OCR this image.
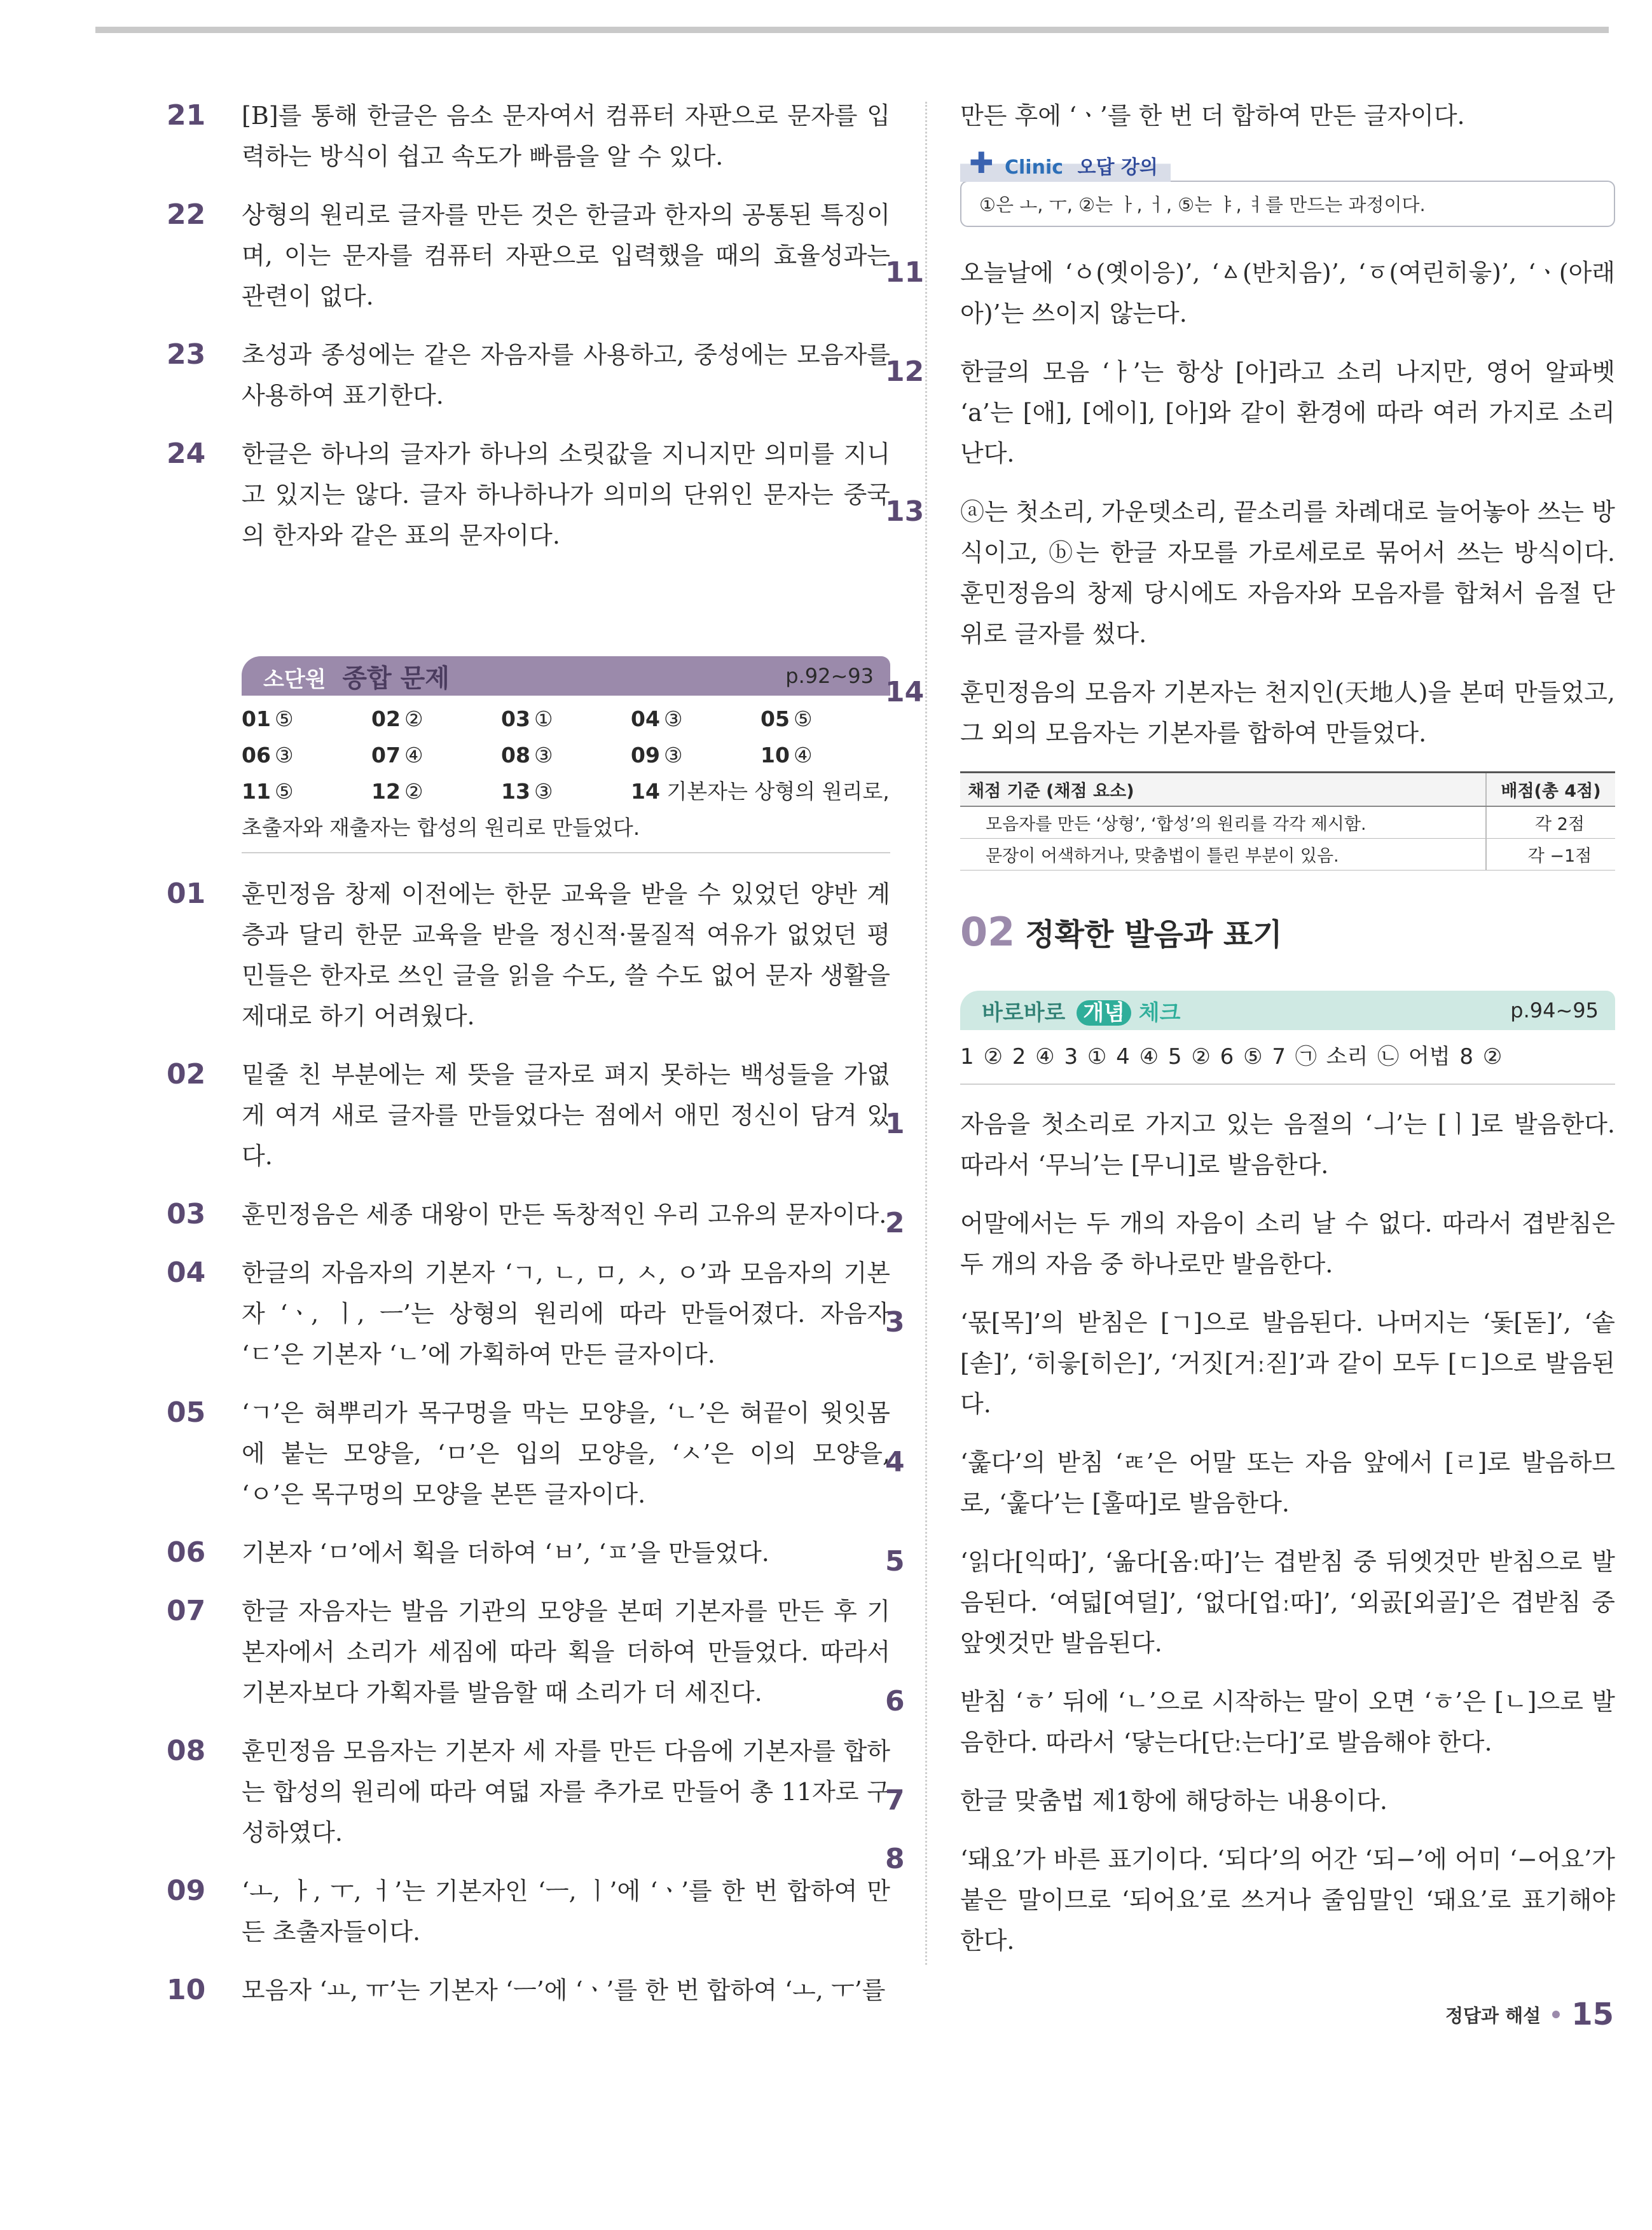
21	[B]를 통해 한글은 음소 문자여서 컴퓨터 자판으로 문자를 입력하는 방식이 쉽고 속도가 빠름을 알 수 있다.
22	상형의 원리로 글자를 만든 것은 한글과 한자의 공통된 특징이며, 이는 문자를 컴퓨터 자판으로 입력했을 때의 효율성과는 관련이 없다.
23	초성과 종성에는 같은 자음자를 사용하고, 중성에는 모음자를 사용하여 표기한다.
24	한글은 하나의 글자가 하나의 소릿값을 지니지만 의미를 지니고 있지는 않다. 글자 하나하나가 의미의 단위인 문자는 중국의 한자와 같은 표의 문자이다.
소단원 종합 문제	p.92~93
01 ⑤	02 ②	03 ①	04 ③	05 ⑤
06 ③	07 ④	08 ③	09 ③	10 ④
11 ⑤	12 ②	13 ③	14 기본자는 상형의 원리로,
초출자와 재출자는 합성의 원리로 만들었다.
01	훈민정음 창제 이전에는 한문 교육을 받을 수 있었던 양반 계층과 달리 한문 교육을 받을 정신적·물질적 여유가 없었던 평민들은 한자로 쓰인 글을 읽을 수도, 쓸 수도 없어 문자 생활을 제대로 하기 어려웠다.
02	밑줄 친 부분에는 제 뜻을 글자로 펴지 못하는 백성들을 가엾게 여겨 새로 글자를 만들었다는 점에서 애민 정신이 담겨 있다.
03	훈민정음은 세종 대왕이 만든 독창적인 우리 고유의 문자이다.
04	한글의 자음자의 기본자 ‘ㄱ, ㄴ, ㅁ, ㅅ, ㅇ’과 모음자의 기본자 ‘ㆍ, ㅣ, ㅡ’는 상형의 원리에 따라 만들어졌다. 자음자 ‘ㄷ’은 기본자 ‘ㄴ’에 가획하여 만든 글자이다.
05	‘ㄱ’은 혀뿌리가 목구멍을 막는 모양을, ‘ㄴ’은 혀끝이 윗잇몸에 붙는 모양을, ‘ㅁ’은 입의 모양을, ‘ㅅ’은 이의 모양을, ‘ㅇ’은 목구멍의 모양을 본뜬 글자이다.
06	기본자 ‘ㅁ’에서 획을 더하여 ‘ㅂ’, ‘ㅍ’을 만들었다.
07	한글 자음자는 발음 기관의 모양을 본떠 기본자를 만든 후 기본자에서 소리가 세짐에 따라 획을 더하여 만들었다. 따라서 기본자보다 가획자를 발음할 때 소리가 더 세진다.
08	훈민정음 모음자는 기본자 세 자를 만든 다음에 기본자를 합하는 합성의 원리에 따라 여덟 자를 추가로 만들어 총 11자로 구성하였다.
09	‘ㅗ, ㅏ, ㅜ, ㅓ’는 기본자인 ‘ㅡ, ㅣ’에 ‘ㆍ’를 한 번 합하여 만든 초출자들이다.
10	모음자 ‘ㅛ, ㅠ’는 기본자 ‘ㅡ’에 ‘ㆍ’를 한 번 합하여 ‘ㅗ, ㅜ’를
만든 후에 ‘ㆍ’를 한 번 더 합하여 만든 글자이다.
✚ Clinic 오답 강의
①은 ㅗ, ㅜ, ②는 ㅏ, ㅓ, ⑤는 ㅑ, ㅕ를 만드는 과정이다.
11	오늘날에 ‘ㆁ(옛이응)’, ‘ㅿ(반치음)’, ‘ㆆ(여린히읗)’, ‘ㆍ(아래아)’는 쓰이지 않는다.
12	한글의 모음 ‘ㅏ’는 항상 [아]라고 소리 나지만, 영어 알파벳 ‘a’는 [애], [에이], [아]와 같이 환경에 따라 여러 가지로 소리 난다.
13	ⓐ는 첫소리, 가운뎃소리, 끝소리를 차례대로 늘어놓아 쓰는 방식이고, ⓑ는 한글 자모를 가로세로로 묶어서 쓰는 방식이다. 훈민정음의 창제 당시에도 자음자와 모음자를 합쳐서 음절 단위로 글자를 썼다.
14	훈민정음의 모음자 기본자는 천지인(天地人)을 본떠 만들었고, 그 외의 모음자는 기본자를 합하여 만들었다.
채점 기준 (채점 요소)	배점(총 4점)
모음자를 만든 ‘상형’, ‘합성’의 원리를 각각 제시함.	각 2점
문장이 어색하거나, 맞춤법이 틀린 부분이 있음.	각 −1점
02 정확한 발음과 표기
바로바로 개념 체크	p.94~95
1 ② 2 ④ 3 ① 4 ④ 5 ② 6 ⑤ 7 ㉠ 소리 ㉡ 어법 8 ②
1	자음을 첫소리로 가지고 있는 음절의 ‘ㅢ’는 [ㅣ]로 발음한다. 따라서 ‘무늬’는 [무니]로 발음한다.
2	어말에서는 두 개의 자음이 소리 날 수 없다. 따라서 겹받침은 두 개의 자음 중 하나로만 발음한다.
3	‘몫[목]’의 받침은 [ㄱ]으로 발음된다. 나머지는 ‘돛[돋]’, ‘솥[솓]’, ‘히읗[히은]’, ‘거짓[거ː짇]’과 같이 모두 [ㄷ]으로 발음된다.
4	‘훑다’의 받침 ‘ㄾ’은 어말 또는 자음 앞에서 [ㄹ]로 발음하므로, ‘훑다’는 [훌따]로 발음한다.
5	‘읽다[익따]’, ‘옮다[옴ː따]’는 겹받침 중 뒤엣것만 받침으로 발음된다. ‘여덟[여덜]’, ‘없다[업ː따]’, ‘외곬[외골]’은 겹받침 중 앞엣것만 발음된다.
6	받침 ‘ㅎ’ 뒤에 ‘ㄴ’으로 시작하는 말이 오면 ‘ㅎ’은 [ㄴ]으로 발음한다. 따라서 ‘닿는다[단ː는다]’로 발음해야 한다.
7	한글 맞춤법 제1항에 해당하는 내용이다.
8	‘돼요’가 바른 표기이다. ‘되다’의 어간 ‘되−’에 어미 ‘−어요’가 붙은 말이므로 ‘되어요’로 쓰거나 줄임말인 ‘돼요’로 표기해야 한다.
정답과 해설 15
